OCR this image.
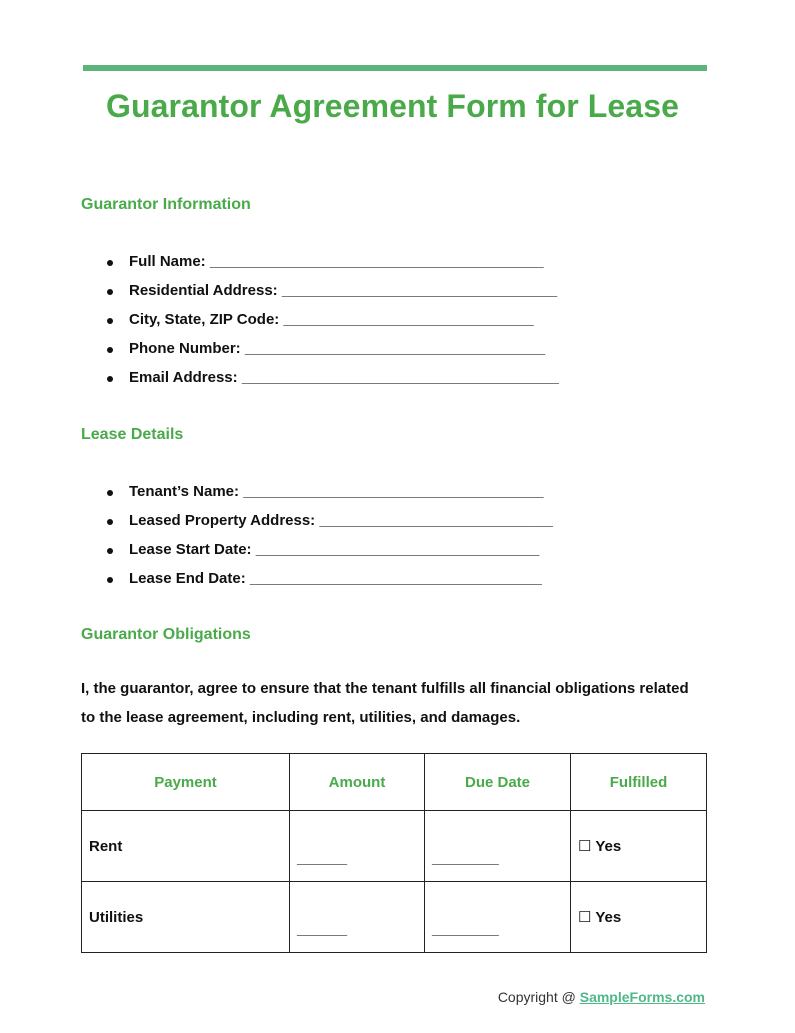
Guarantor Agreement Form for Lease
Guarantor Information
Full Name: ________________________________________
Residential Address: _________________________________
City, State, ZIP Code: ______________________________
Phone Number: ____________________________________
Email Address: ______________________________________
Lease Details
Tenant’s Name: ____________________________________
Leased Property Address: ____________________________
Lease Start Date: __________________________________
Lease End Date: ___________________________________
Guarantor Obligations
I, the guarantor, agree to ensure that the tenant fulfills all financial obligations related to the lease agreement, including rent, utilities, and damages.
Payment	Amount	Due Date	Fulfilled
Rent	______	________	☐ Yes
Utilities	______	________	☐ Yes
Copyright @ SampleForms.com
